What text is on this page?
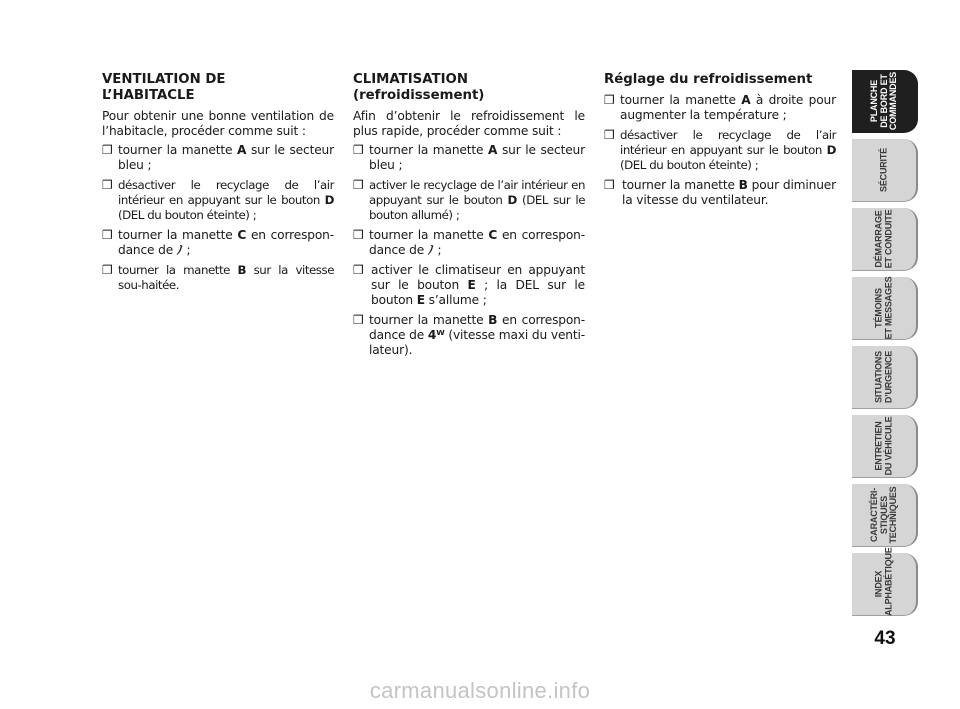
VENTILATION DE
L’HABITACLE
Pour obtenir une bonne ventilation de l’habitacle, procéder comme suit :
❒ tourner la manette A sur le secteur bleu ;
❒ désactiver le recyclage de l’air intérieur en appuyant sur le bouton D (DEL du bouton éteinte) ;
❒ tourner la manette C en correspon-dance de ﾉ ;
❒ tourner la manette B sur la vitesse sou-haitée.
CLIMATISATION
(refroidissement)
Afin d’obtenir le refroidissement le plus rapide, procéder comme suit :
❒ tourner la manette A sur le secteur bleu ;
❒ activer le recyclage de l’air intérieur en appuyant sur le bouton D (DEL sur le bouton allumé) ;
❒ tourner la manette C en correspon-dance de ﾉ ;
❒ activer le climatiseur en appuyant sur le bouton E ; la DEL sur le bouton E s’allume ;
❒ tourner la manette B en correspon-dance de 4ᵂ (vitesse maxi du venti-lateur).
Réglage du refroidissement
❒ tourner la manette A à droite pour augmenter la température ;
❒ désactiver le recyclage de l’air intérieur en appuyant sur le bouton D (DEL du bouton éteinte) ;
❒ tourner la manette B pour diminuer la vitesse du ventilateur.
PLANCHE
DE BORD ET
COMMANDES
SÉCURITÉ
DÉMARRAGE
ET CONDUITE
TÉMOINS
ET MESSAGES
SITUATIONS
D’URGENCE
ENTRETIEN
DU VÉHICULE
CARACTÉRI-
STIQUES
TECHNIQUES
INDEX
ALPHABÉTIQUE
43
carmanualsonline.info
